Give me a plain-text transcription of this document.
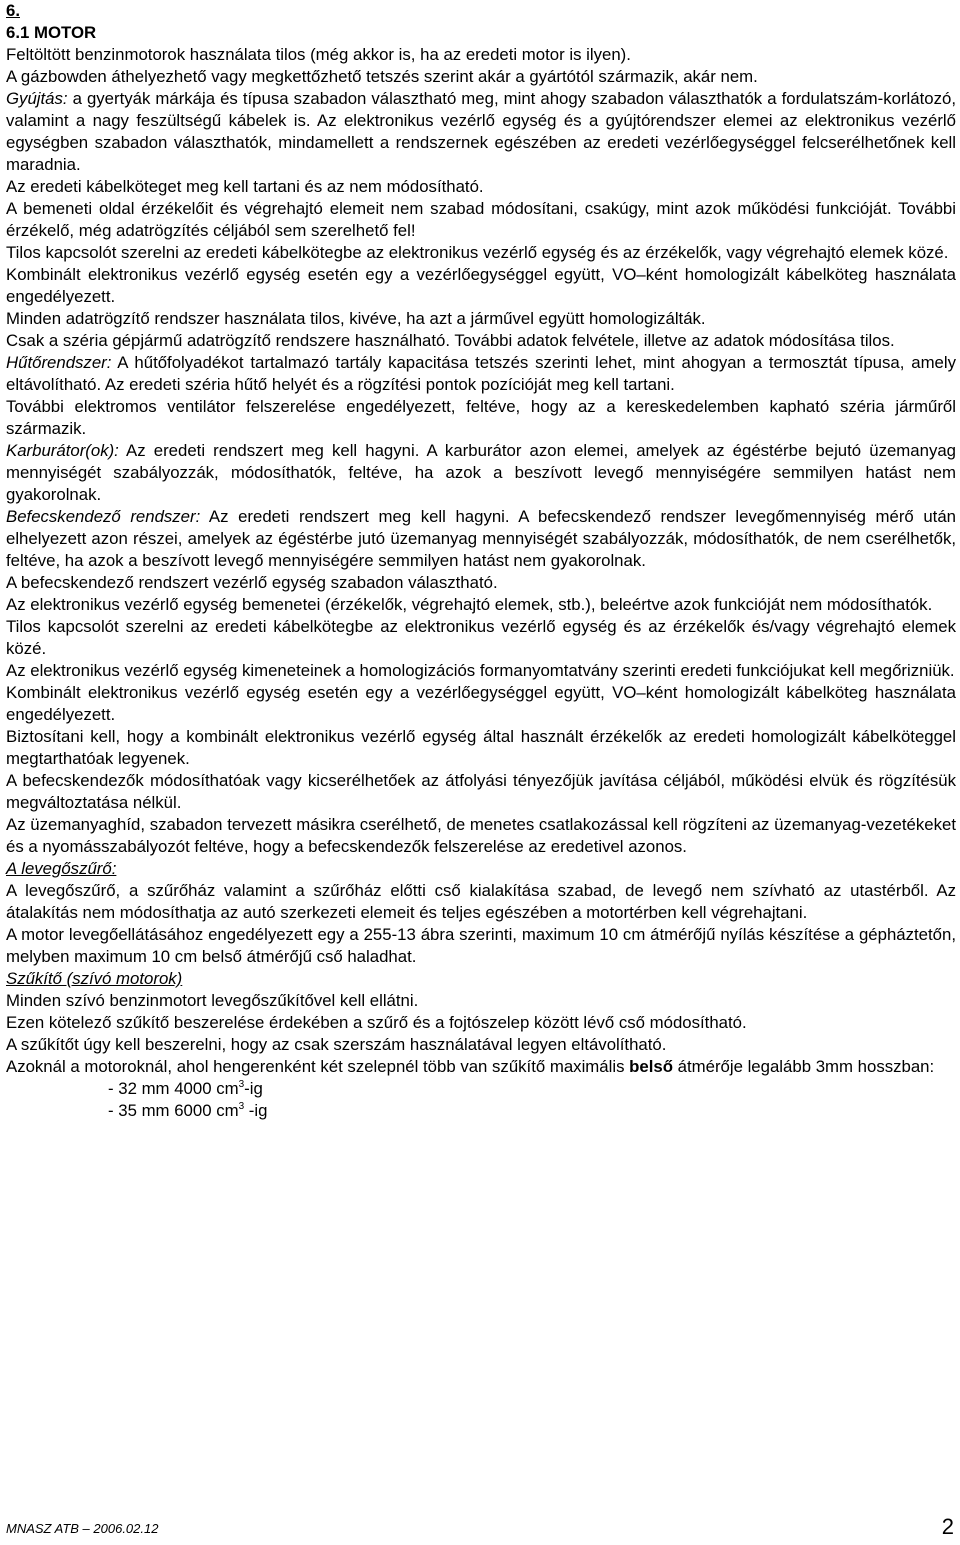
6.
6.1 MOTOR

Feltöltött benzinmotorok használata tilos (még akkor is, ha az eredeti motor is ilyen).

A gázbowden áthelyezhető vagy megkettőzhető tetszés szerint akár a gyártótól származik, akár nem.

Gyújtás: a gyertyák márkája és típusa szabadon választható meg, mint ahogy szabadon választhatók a fordulatszám-korlátozó, valamint a nagy feszültségű kábelek is. Az elektronikus vezérlő egység és a gyújtórendszer elemei az elektronikus vezérlő egységben szabadon választhatók, mindamellett a rendszernek egészében az eredeti vezérlőegységgel felcserélhetőnek kell maradnia.

Az eredeti kábelköteget meg kell tartani és az nem módosítható.

A bemeneti oldal érzékelőit és végrehajtó elemeit nem szabad módosítani, csakúgy, mint azok működési funkcióját. További érzékelő, még adatrögzítés céljából sem szerelhető fel!

Tilos kapcsolót szerelni az eredeti kábelkötegbe az elektronikus vezérlő egység és az érzékelők, vagy végrehajtó elemek közé.

Kombinált elektronikus vezérlő egység esetén egy a vezérlőegységgel együtt, VO–ként homologizált kábelköteg használata engedélyezett.

Minden adatrögzítő rendszer használata tilos, kivéve, ha azt a járművel együtt homologizálták.

Csak a széria gépjármű adatrögzítő rendszere használható. További adatok felvétele, illetve az adatok módosítása tilos.

Hűtőrendszer: A hűtőfolyadékot tartalmazó tartály kapacitása tetszés szerinti lehet, mint ahogyan a termosztát típusa, amely eltávolítható. Az eredeti széria hűtő helyét és a rögzítési pontok pozícióját meg kell tartani.

További elektromos ventilátor felszerelése engedélyezett, feltéve, hogy az a kereskedelemben kapható széria járműről származik.

Karburátor(ok): Az eredeti rendszert meg kell hagyni. A karburátor azon elemei, amelyek az égéstérbe bejutó üzemanyag mennyiségét szabályozzák, módosíthatók, feltéve, ha azok a beszívott levegő mennyiségére semmilyen hatást nem gyakorolnak.

Befecskendező rendszer: Az eredeti rendszert meg kell hagyni. A befecskendező rendszer levegőmennyiség mérő után elhelyezett azon részei, amelyek az égéstérbe jutó üzemanyag mennyiségét szabályozzák, módosíthatók, de nem cserélhetők, feltéve, ha azok a beszívott levegő mennyiségére semmilyen hatást nem gyakorolnak.

A befecskendező rendszert vezérlő egység szabadon választható.

Az elektronikus vezérlő egység bemenetei (érzékelők, végrehajtó elemek, stb.), beleértve azok funkcióját nem módosíthatók.

Tilos kapcsolót szerelni az eredeti kábelkötegbe az elektronikus vezérlő egység és az érzékelők és/vagy végrehajtó elemek közé.

Az elektronikus vezérlő egység kimeneteinek a homologizációs formanyomtatvány szerinti eredeti funkciójukat kell megőrizniük.

Kombinált elektronikus vezérlő egység esetén egy a vezérlőegységgel együtt, VO–ként homologizált kábelköteg használata engedélyezett.

Biztosítani kell, hogy a kombinált elektronikus vezérlő egység által használt érzékelők az eredeti homologizált kábelköteggel megtarthatóak legyenek.

A befecskendezők módosíthatóak vagy kicserélhetőek az átfolyási tényezőjük javítása céljából, működési elvük és rögzítésük megváltoztatása nélkül.

Az üzemanyaghíd, szabadon tervezett másikra cserélhető, de menetes csatlakozással kell rögzíteni az üzemanyag-vezetékeket és a nyomásszabályozót feltéve, hogy a befecskendezők felszerelése az eredetivel azonos.

A levegőszűrő:

A levegőszűrő, a szűrőház valamint a szűrőház előtti cső kialakítása szabad, de levegő nem szívható az utastérből. Az átalakítás nem módosíthatja az autó szerkezeti elemeit és teljes egészében a motortérben kell végrehajtani.

A motor levegőellátásához engedélyezett egy a 255-13 ábra szerinti, maximum 10 cm átmérőjű nyílás készítése a gépháztetőn, melyben maximum 10 cm belső átmérőjű cső haladhat.

Szűkítő (szívó motorok)

Minden szívó benzinmotort levegőszűkítővel kell ellátni.

Ezen kötelező szűkítő beszerelése érdekében a szűrő és a fojtószelep között lévő cső módosítható.

A szűkítőt úgy kell beszerelni, hogy az csak szerszám használatával legyen eltávolítható.

Azoknál a motoroknál, ahol hengerenként két szelepnél több van szűkítő maximális belső átmérője legalább 3mm hosszban:

- 32 mm 4000 $cm^3-ig$
- 35 mm 6000 $cm^3$ -ig
MNASZ ATB – 2006.02.12	2
